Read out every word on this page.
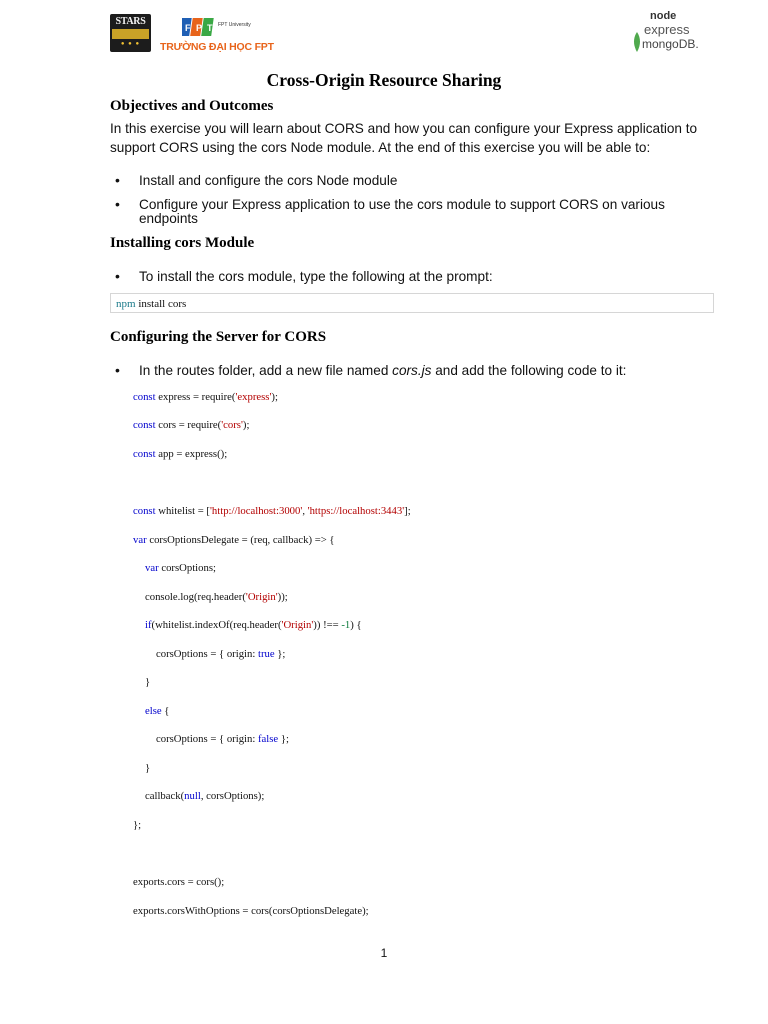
STARS
● ● ●
F P T FPT University
TRƯỜNG ĐẠI HỌC FPT
node
express
mongoDB.
Cross-Origin Resource Sharing
Objectives and Outcomes
In this exercise you will learn about CORS and how you can configure your Express application to
support CORS using the cors Node module. At the end of this exercise you will be able to:
• Install and configure the cors Node module
• Configure your Express application to use the cors module to support CORS on various
endpoints
Installing cors Module
• To install the cors module, type the following at the prompt:
npm install cors
Configuring the Server for CORS
• In the routes folder, add a new file named cors.js and add the following code to it:
const express = require('express');
const cors = require('cors');
const app = express();
const whitelist = ['http://localhost:3000', 'https://localhost:3443'];
var corsOptionsDelegate = (req, callback) => {
var corsOptions;
console.log(req.header('Origin'));
if(whitelist.indexOf(req.header('Origin')) !== -1) {
corsOptions = { origin: true };
}
else {
corsOptions = { origin: false };
}
callback(null, corsOptions);
};
exports.cors = cors();
exports.corsWithOptions = cors(corsOptionsDelegate);
1
